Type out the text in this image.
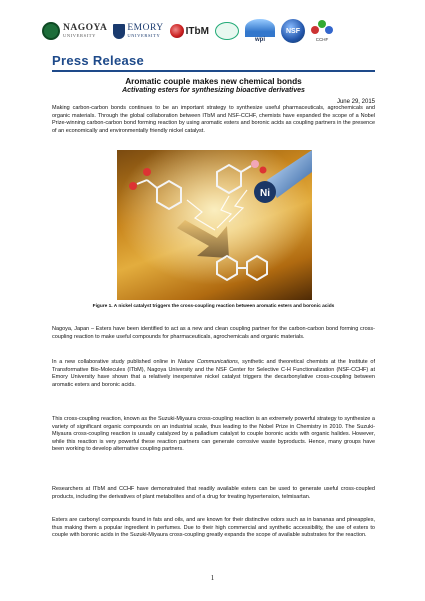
NAGOYA
UNIVERSITY
EMORY
UNIVERSITY	ITbM
wpi
NSF
CCHF
Press Release
Aromatic couple makes new chemical bonds
Activating esters for synthesizing bioactive derivatives
June 29, 2015

Making carbon-carbon bonds continues to be an important strategy to synthesize useful pharmaceuticals, agrochemicals and organic materials. Through the global collaboration between ITbM and NSF-CCHF, chemists have expanded the scope of a Nobel Prize-winning carbon-carbon bond forming reaction by using aromatic esters and boronic acids as coupling partners in the presence of an economically and environmentally friendly nickel catalyst.

Ni
Figure 1. A nickel catalyst triggers the cross-coupling reaction between aromatic esters and boronic acids

Nagoya, Japan – Esters have been identified to act as a new and clean coupling partner for the carbon-carbon bond forming cross-coupling reaction to make useful compounds for pharmaceuticals, agrochemicals and organic materials.

In a new collaborative study published online in Nature Communications, synthetic and theoretical chemists at the Institute of Transformative Bio-Molecules (ITbM), Nagoya University and the NSF Center for Selective C-H Functionalization (NSF-CCHF) at Emory University have shown that a relatively inexpensive nickel catalyst triggers the decarbonylative cross-coupling between aromatic esters and boronic acids.

This cross-coupling reaction, known as the Suzuki-Miyaura cross-coupling reaction is an extremely powerful strategy to synthesize a variety of significant organic compounds on an industrial scale, thus leading to the Nobel Prize in Chemistry in 2010. The Suzuki-Miyaura cross-coupling reaction is usually catalyzed by a palladium catalyst to couple boronic acids with organic halides. However, while this reaction is very powerful these reaction partners can generate corrosive waste byproducts. Hence, many groups have been working to develop alternative coupling partners.

Researchers at ITbM and CCHF have demonstrated that readily available esters can be used to generate useful cross-coupled products, including the derivatives of plant metabolites and of a drug for treating hypertension, telmisartan.

Esters are carbonyl compounds found in fats and oils, and are known for their distinctive odors such as in bananas and pineapples, thus making them a popular ingredient in perfumes. Due to their high commercial and synthetic accessibility, the use of esters to couple with boronic acids in the Suzuki-Miyaura cross-coupling greatly expands the scope of available substrates for the reaction.

1
